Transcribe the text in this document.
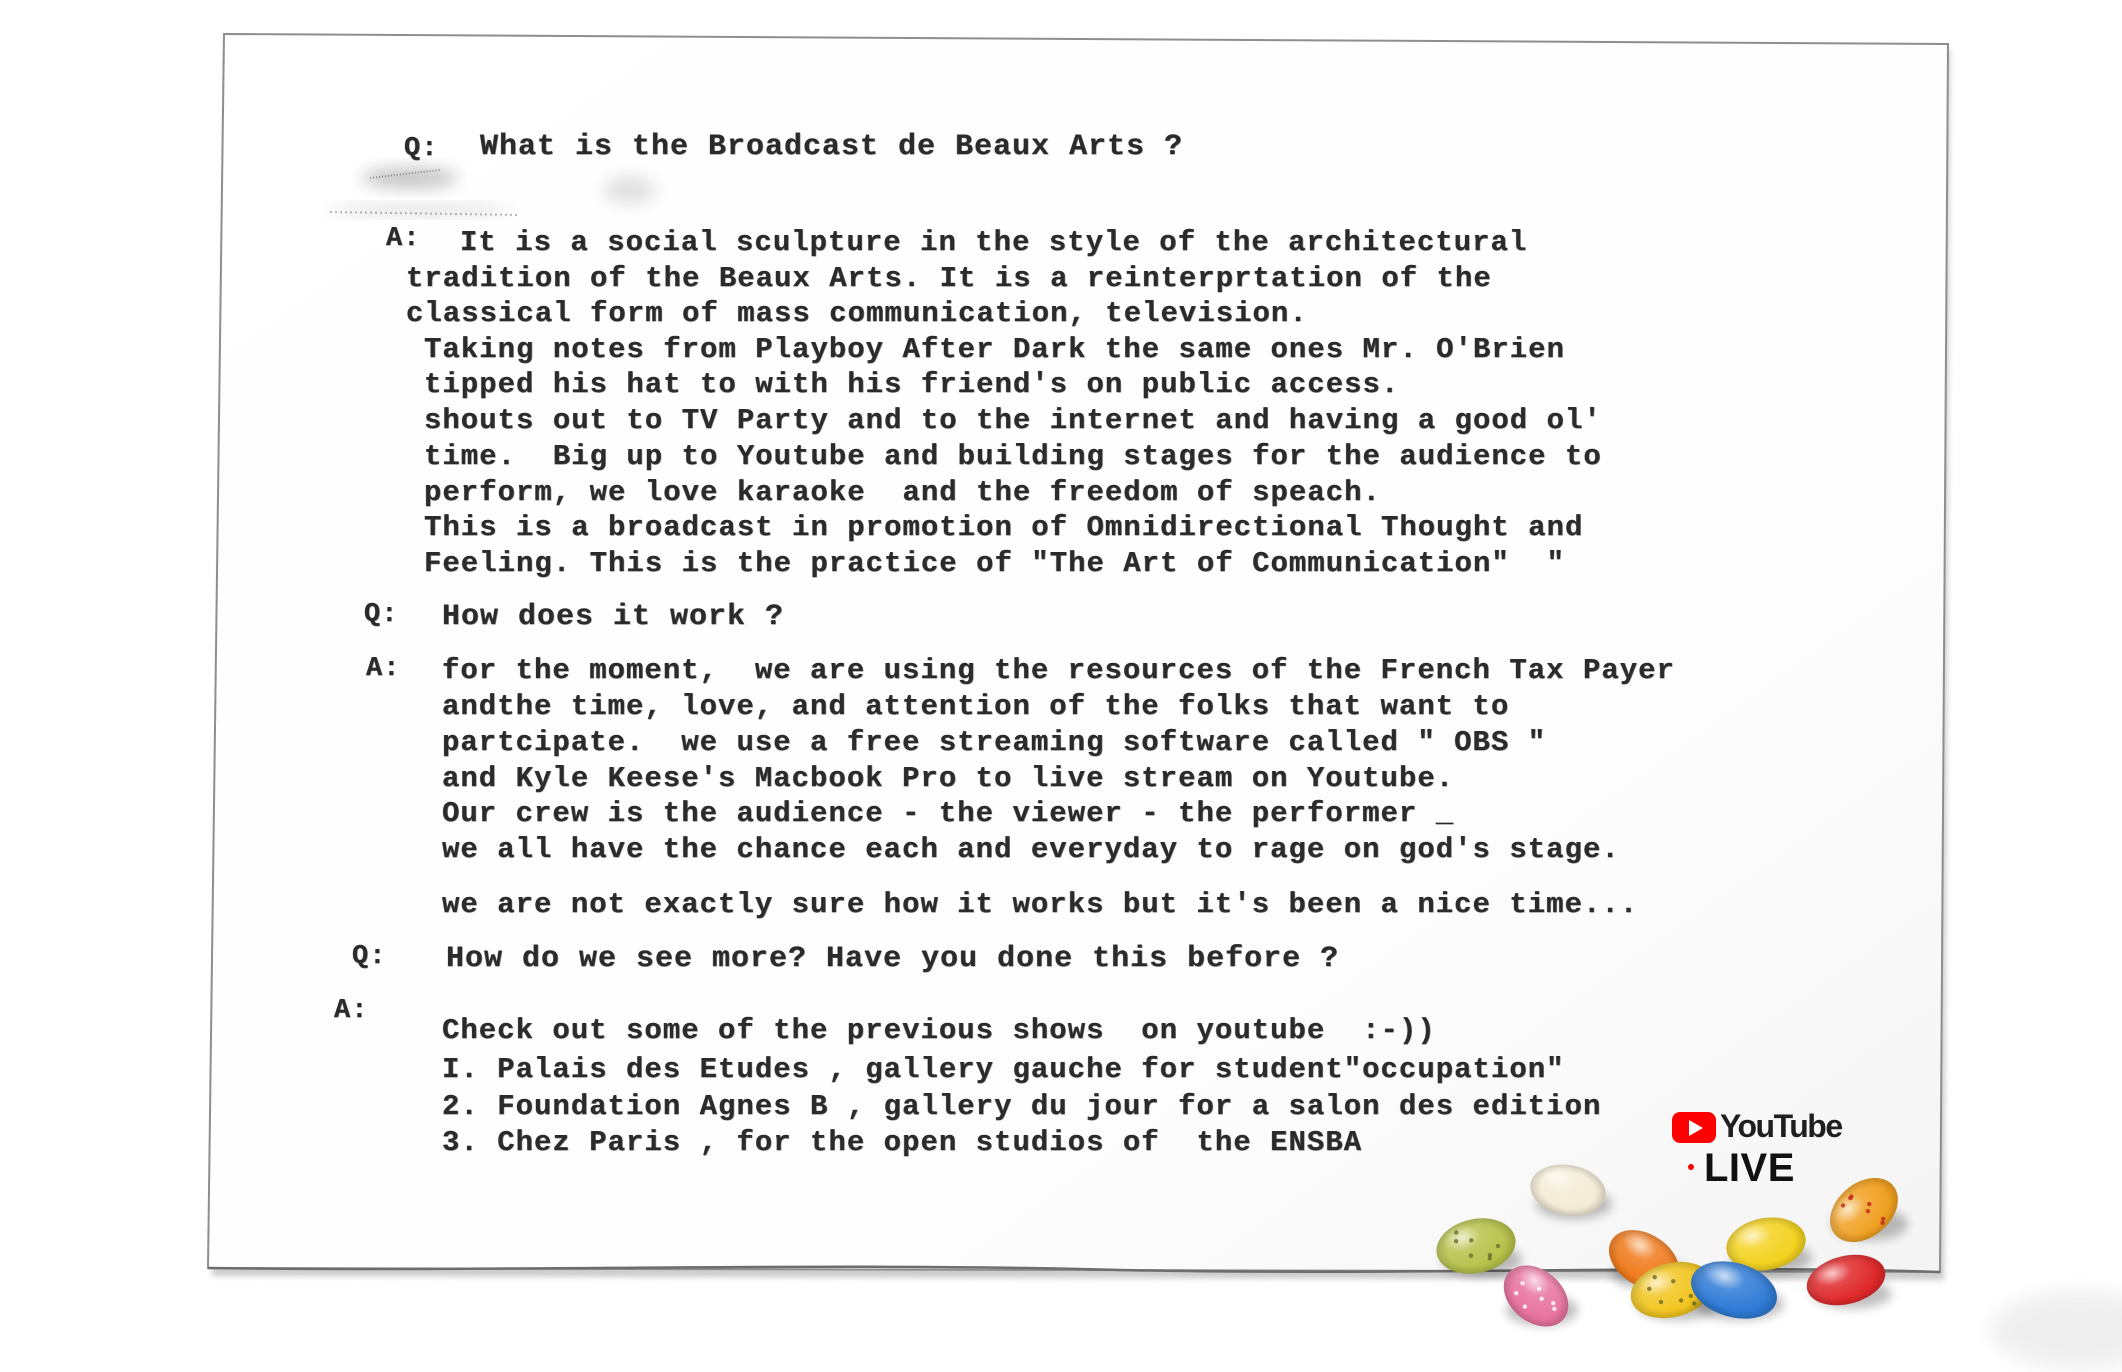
Q: What is the Broadcast de Beaux Arts ?
A: It is a social sculpture in the style of the architectural
tradition of the Beaux Arts. It is a reinterprtation of the
classical form of mass communication, television.
Taking notes from Playboy After Dark the same ones Mr. O'Brien
tipped his hat to with his friend's on public access.
shouts out to TV Party and to the internet and having a good ol'
time.  Big up to Youtube and building stages for the audience to
perform, we love karaoke  and the freedom of speach.
This is a broadcast in promotion of Omnidirectional Thought and
Feeling. This is the practice of "The Art of Communication"  "
Q: How does it work ?
A: for the moment,  we are using the resources of the French Tax Payer
andthe time, love, and attention of the folks that want to
partcipate.  we use a free streaming software called " OBS "
and Kyle Keese's Macbook Pro to live stream on Youtube.
Our crew is the audience - the viewer - the performer _
we all have the chance each and everyday to rage on god's stage.
we are not exactly sure how it works but it's been a nice time...
Q: How do we see more? Have you done this before ?
A:
Check out some of the previous shows  on youtube  :-))
I. Palais des Etudes , gallery gauche for student"occupation"
2. Foundation Agnes B , gallery du jour for a salon des edition
3. Chez Paris , for the open studios of  the ENSBA	YouTube
LIVE
